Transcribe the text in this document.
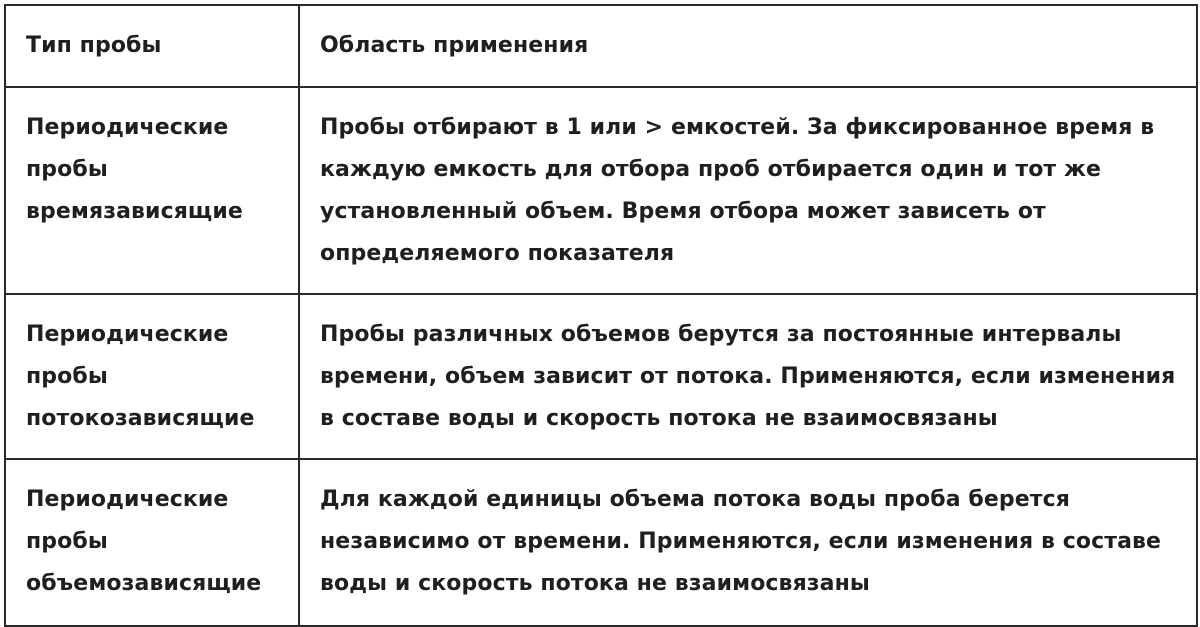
Тип пробы	Область применения

Периодические пробы времязависящие	Пробы отбирают в 1 или > емкостей. За фиксированное время в каждую емкость для отбора проб отбирается один и тот же установленный объем. Время отбора может зависеть от определяемого показателя

Периодические пробы потокозависящие	Пробы различных объемов берутся за постоянные интервалы времени, объем зависит от потока. Применяются, если изменения в составе воды и скорость потока не взаимосвязаны

Периодические пробы объемозависящие	Для каждой единицы объема потока воды проба берется независимо от времени. Применяются, если изменения в составе воды и скорость потока не взаимосвязаны
